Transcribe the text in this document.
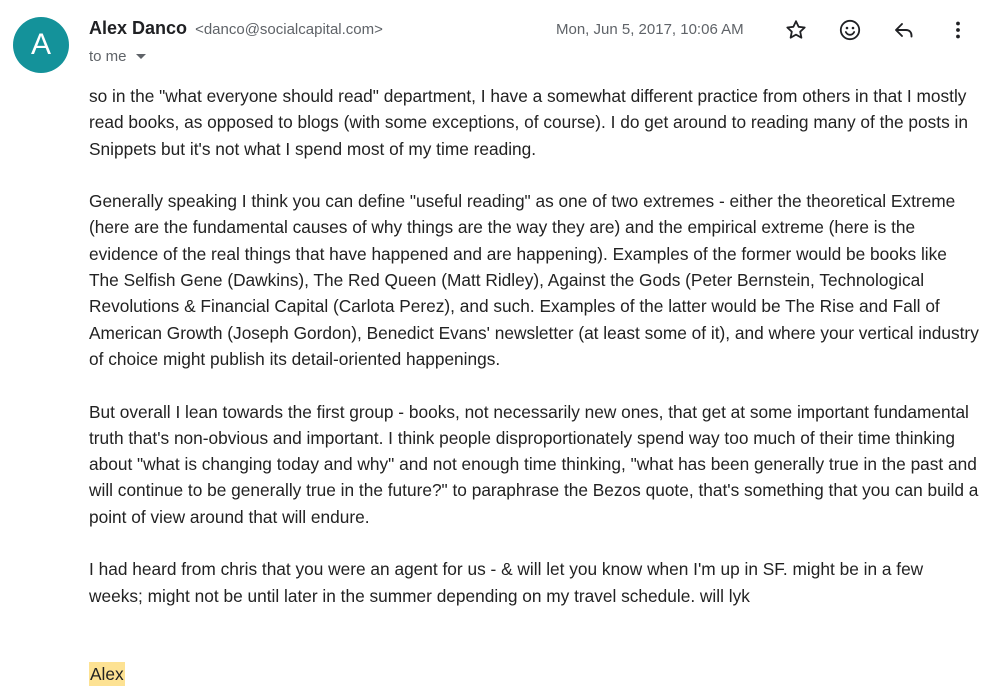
A	Alex Danco <danco@socialcapital.com>
to me
Mon, Jun 5, 2017, 10:06 AM

so in the "what everyone should read" department, I have a somewhat different practice from others in that I mostly read books, as opposed to blogs (with some exceptions, of course). I do get around to reading many of the posts in Snippets but it's not what I spend most of my time reading.

Generally speaking I think you can define "useful reading" as one of two extremes - either the theoretical Extreme (here are the fundamental causes of why things are the way they are) and the empirical extreme (here is the evidence of the real things that have happened and are happening). Examples of the former would be books like The Selfish Gene (Dawkins), The Red Queen (Matt Ridley), Against the Gods (Peter Bernstein, Technological Revolutions & Financial Capital (Carlota Perez), and such. Examples of the latter would be The Rise and Fall of American Growth (Joseph Gordon), Benedict Evans' newsletter (at least some of it), and where your vertical industry of choice might publish its detail-oriented happenings.

But overall I lean towards the first group - books, not necessarily new ones, that get at some important fundamental truth that's non-obvious and important. I think people disproportionately spend way too much of their time thinking about "what is changing today and why" and not enough time thinking, "what has been generally true in the past and will continue to be generally true in the future?" to paraphrase the Bezos quote, that's something that you can build a point of view around that will endure.

I had heard from chris that you were an agent for us - & will let you know when I'm up in SF. might be in a few weeks; might not be until later in the summer depending on my travel schedule. will lyk

Alex
